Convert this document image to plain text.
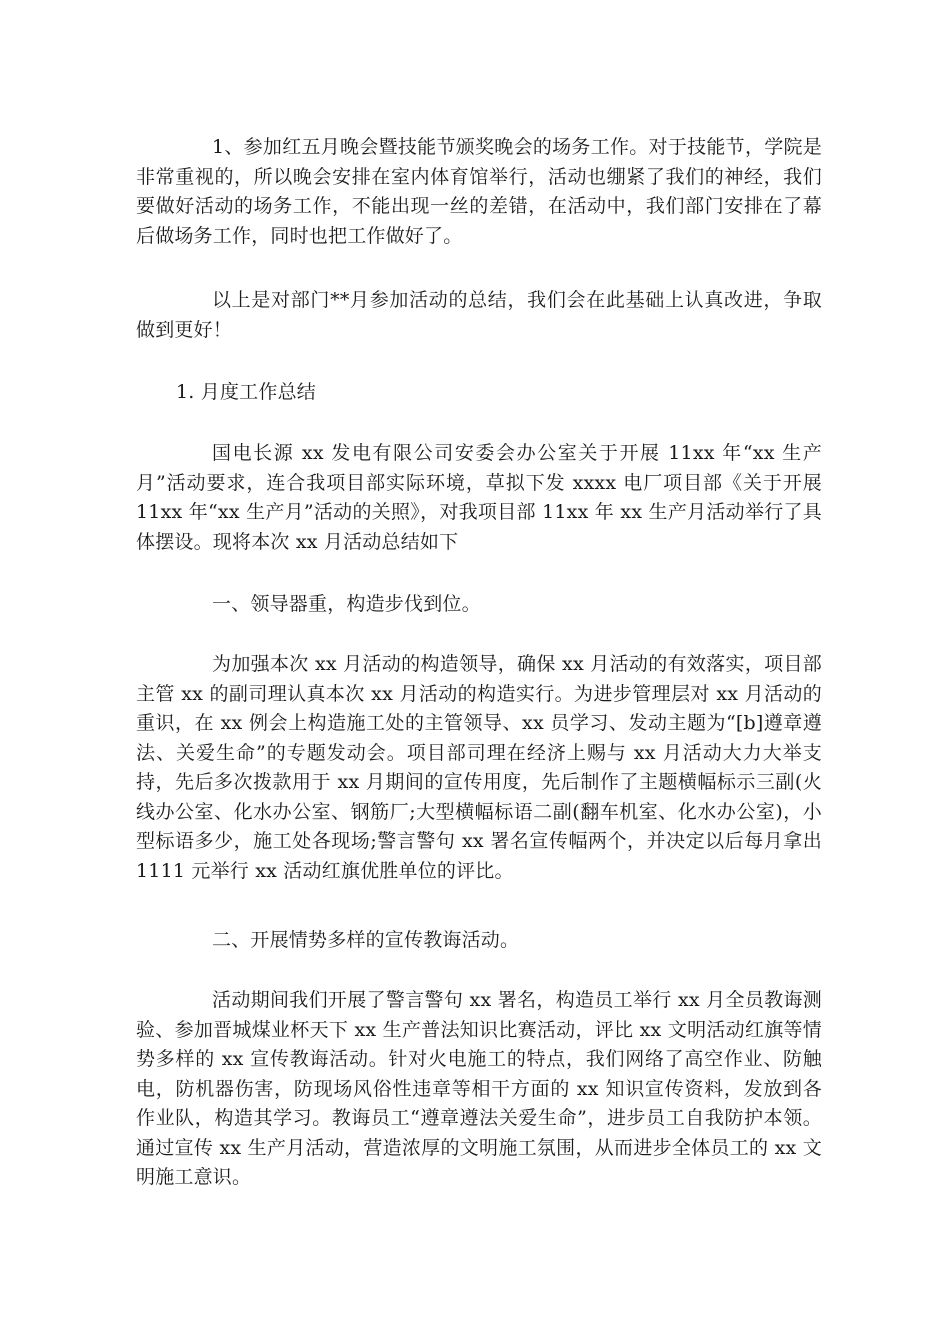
1、参加红五月晚会暨技能节颁奖晚会的场务工作。对于技能节，学院是非常重视的，所以晚会安排在室内体育馆举行，活动也绷紧了我们的神经，我们要做好活动的场务工作，不能出现一丝的差错，在活动中，我们部门安排在了幕后做场务工作，同时也把工作做好了。

以上是对部门**月参加活动的总结，我们会在此基础上认真改进，争取做到更好！

1. 月度工作总结

国电长源 xx 发电有限公司安委会办公室关于开展 11xx 年“xx 生产月”活动要求，连合我项目部实际环境，草拟下发 xxxx 电厂项目部《关于开展 11xx 年“xx 生产月”活动的关照》，对我项目部 11xx 年 xx 生产月活动举行了具体摆设。现将本次 xx 月活动总结如下

一、领导器重，构造步伐到位。

为加强本次 xx 月活动的构造领导，确保 xx 月活动的有效落实，项目部主管 xx 的副司理认真本次 xx 月活动的构造实行。为进步管理层对 xx 月活动的重识，在 xx 例会上构造施工处的主管领导、xx 员学习、发动主题为“[b]遵章遵法、关爱生命”的专题发动会。项目部司理在经济上赐与 xx 月活动大力大举支持，先后多次拨款用于 xx 月期间的宣传用度，先后制作了主题横幅标示三副(火线办公室、化水办公室、钢筋厂;大型横幅标语二副(翻车机室、化水办公室)，小型标语多少，施工处各现场;警言警句 xx 署名宣传幅两个，并决定以后每月拿出 1111 元举行 xx 活动红旗优胜单位的评比。

二、开展情势多样的宣传教诲活动。

活动期间我们开展了警言警句 xx 署名，构造员工举行 xx 月全员教诲测验、参加晋城煤业杯天下 xx 生产普法知识比赛活动，评比 xx 文明活动红旗等情势多样的 xx 宣传教诲活动。针对火电施工的特点，我们网络了高空作业、防触电，防机器伤害，防现场风俗性违章等相干方面的 xx 知识宣传资料，发放到各作业队，构造其学习。教诲员工“遵章遵法关爱生命”，进步员工自我防护本领。通过宣传 xx 生产月活动，营造浓厚的文明施工氛围，从而进步全体员工的 xx 文明施工意识。
